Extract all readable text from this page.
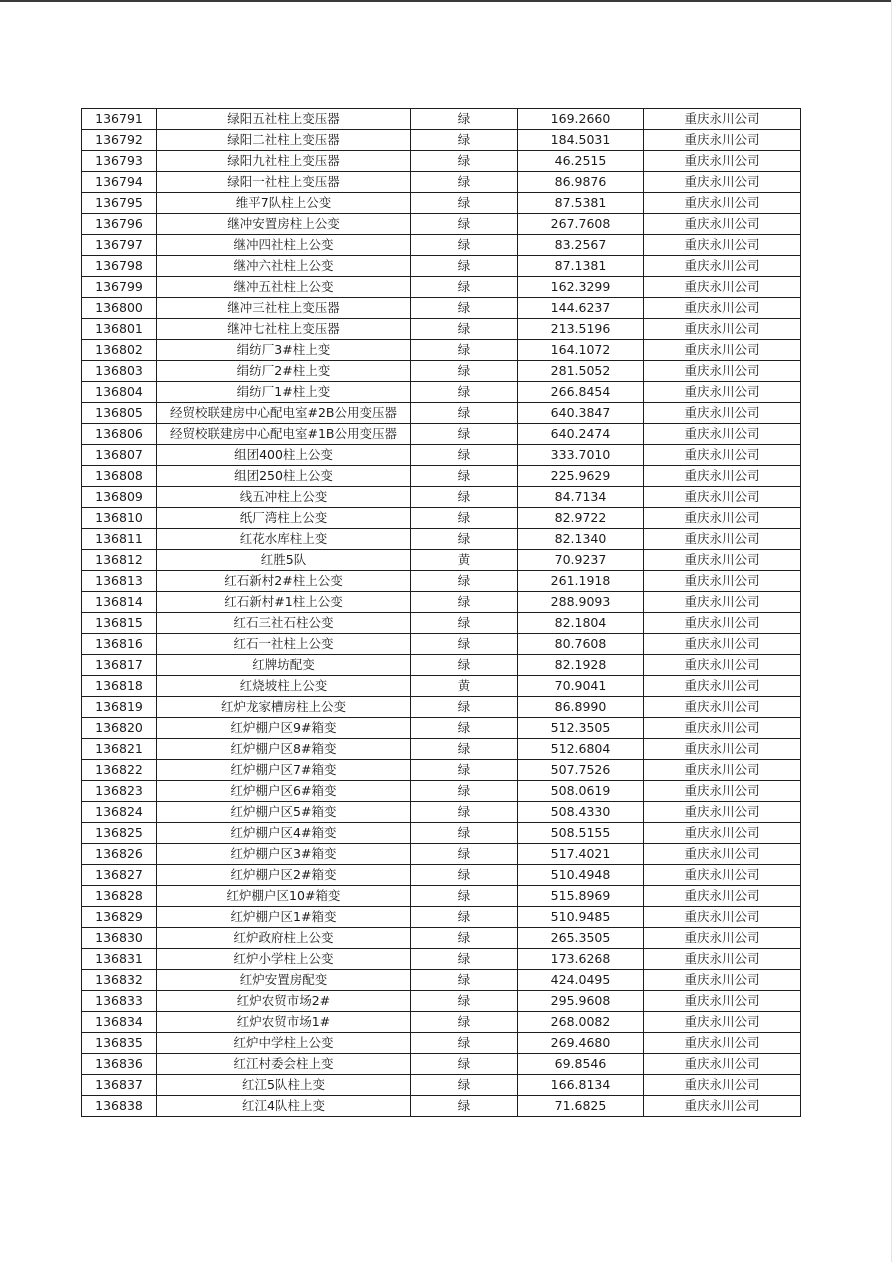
136791	绿阳五社柱上变压器	绿	169.2660	重庆永川公司
136792	绿阳二社柱上变压器	绿	184.5031	重庆永川公司
136793	绿阳九社柱上变压器	绿	46.2515	重庆永川公司
136794	绿阳一社柱上变压器	绿	86.9876	重庆永川公司
136795	维平7队柱上公变	绿	87.5381	重庆永川公司
136796	继冲安置房柱上公变	绿	267.7608	重庆永川公司
136797	继冲四社柱上公变	绿	83.2567	重庆永川公司
136798	继冲六社柱上公变	绿	87.1381	重庆永川公司
136799	继冲五社柱上公变	绿	162.3299	重庆永川公司
136800	继冲三社柱上变压器	绿	144.6237	重庆永川公司
136801	继冲七社柱上变压器	绿	213.5196	重庆永川公司
136802	绢纺厂3#柱上变	绿	164.1072	重庆永川公司
136803	绢纺厂2#柱上变	绿	281.5052	重庆永川公司
136804	绢纺厂1#柱上变	绿	266.8454	重庆永川公司
136805	经贸校联建房中心配电室#2B公用变压器	绿	640.3847	重庆永川公司
136806	经贸校联建房中心配电室#1B公用变压器	绿	640.2474	重庆永川公司
136807	组团400柱上公变	绿	333.7010	重庆永川公司
136808	组团250柱上公变	绿	225.9629	重庆永川公司
136809	线五冲柱上公变	绿	84.7134	重庆永川公司
136810	纸厂湾柱上公变	绿	82.9722	重庆永川公司
136811	红花水库柱上变	绿	82.1340	重庆永川公司
136812	红胜5队	黄	70.9237	重庆永川公司
136813	红石新村2#柱上公变	绿	261.1918	重庆永川公司
136814	红石新村#1柱上公变	绿	288.9093	重庆永川公司
136815	红石三社石柱公变	绿	82.1804	重庆永川公司
136816	红石一社柱上公变	绿	80.7608	重庆永川公司
136817	红牌坊配变	绿	82.1928	重庆永川公司
136818	红烧坡柱上公变	黄	70.9041	重庆永川公司
136819	红炉龙家槽房柱上公变	绿	86.8990	重庆永川公司
136820	红炉棚户区9#箱变	绿	512.3505	重庆永川公司
136821	红炉棚户区8#箱变	绿	512.6804	重庆永川公司
136822	红炉棚户区7#箱变	绿	507.7526	重庆永川公司
136823	红炉棚户区6#箱变	绿	508.0619	重庆永川公司
136824	红炉棚户区5#箱变	绿	508.4330	重庆永川公司
136825	红炉棚户区4#箱变	绿	508.5155	重庆永川公司
136826	红炉棚户区3#箱变	绿	517.4021	重庆永川公司
136827	红炉棚户区2#箱变	绿	510.4948	重庆永川公司
136828	红炉棚户区10#箱变	绿	515.8969	重庆永川公司
136829	红炉棚户区1#箱变	绿	510.9485	重庆永川公司
136830	红炉政府柱上公变	绿	265.3505	重庆永川公司
136831	红炉小学柱上公变	绿	173.6268	重庆永川公司
136832	红炉安置房配变	绿	424.0495	重庆永川公司
136833	红炉农贸市场2#	绿	295.9608	重庆永川公司
136834	红炉农贸市场1#	绿	268.0082	重庆永川公司
136835	红炉中学柱上公变	绿	269.4680	重庆永川公司
136836	红江村委会柱上变	绿	69.8546	重庆永川公司
136837	红江5队柱上变	绿	166.8134	重庆永川公司
136838	红江4队柱上变	绿	71.6825	重庆永川公司
